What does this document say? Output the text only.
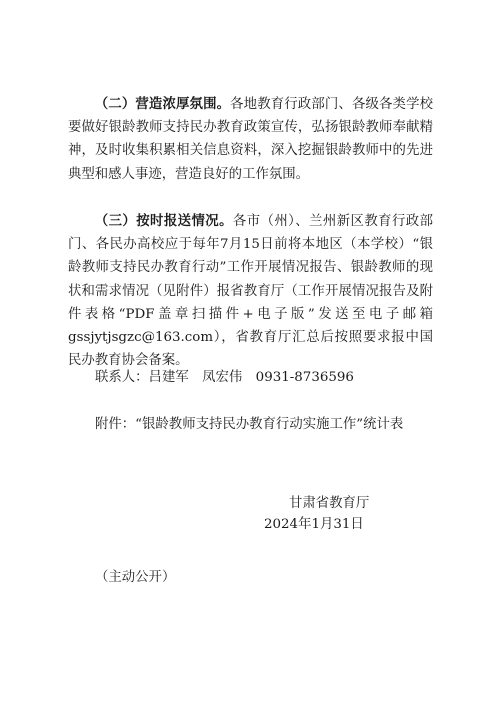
（二）营造浓厚氛围。各地教育行政部门、各级各类学校要做好银龄教师支持民办教育政策宣传，弘扬银龄教师奉献精神，及时收集积累相关信息资料，深入挖掘银龄教师中的先进典型和感人事迹，营造良好的工作氛围。

（三）按时报送情况。各市（州）、兰州新区教育行政部门、各民办高校应于每年7月15日前将本地区（本学校）“银龄教师支持民办教育行动”工作开展情况报告、银龄教师的现状和需求情况（见附件）报省教育厅（工作开展情况报告及附件表格“PDF盖章扫描件+电子版”发送至电子邮箱gssjytjsgzc@163.com），省教育厅汇总后按照要求报中国民办教育协会备案。

联系人：吕建军　凤宏伟　0931-8736596

附件：“银龄教师支持民办教育行动实施工作”统计表

甘肃省教育厅

2024年1月31日

（主动公开）
